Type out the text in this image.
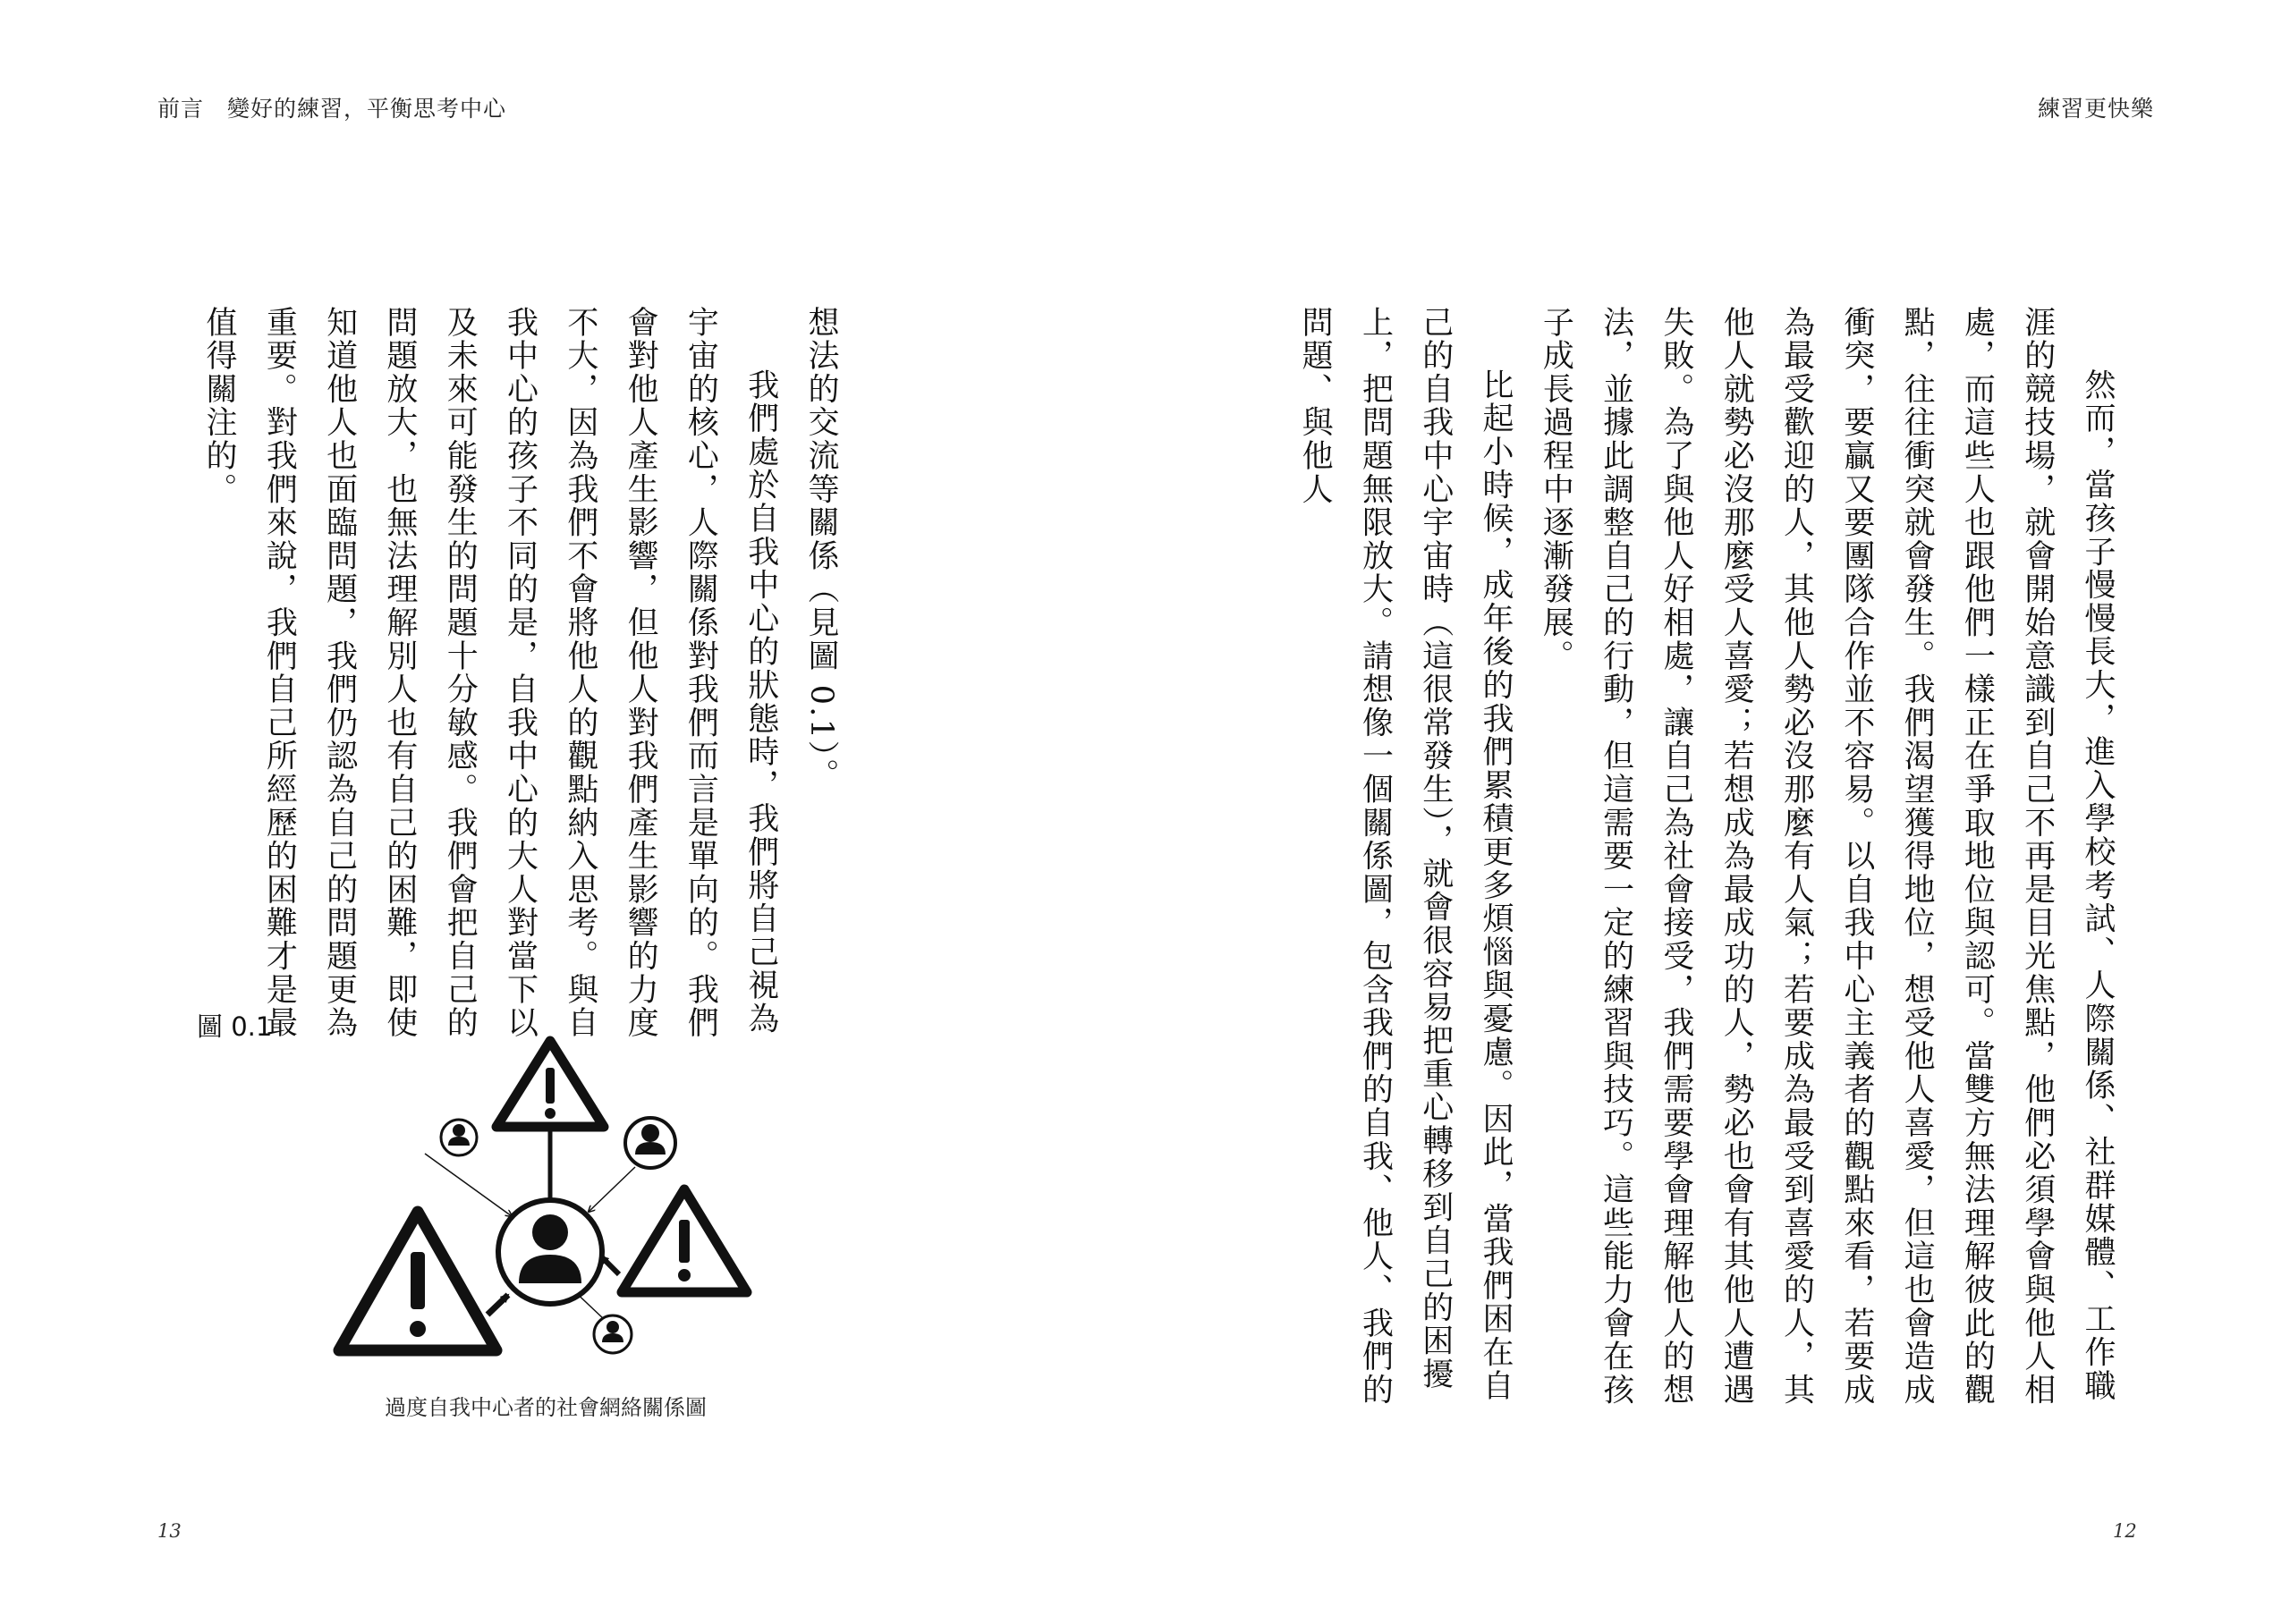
前言　變好的練習，平衡思考中心

想法的交流等關係（見圖 0.1）。

我們處於自我中心的狀態時，我們將自己視為宇宙的核心，人際關係對我們而言是單向的。我們會對他人產生影響，但他人對我們產生影響的力度不大，因為我們不會將他人的觀點納入思考。與自我中心的孩子不同的是，自我中心的大人對當下以及未來可能發生的問題十分敏感。我們會把自己的問題放大，也無法理解別人也有自己的困難，即使知道他人也面臨問題，我們仍認為自己的問題更為重要。對我們來說，我們自己所經歷的困難才是最值得關注的。

圖 0.1
過度自我中心者的社會網絡關係圖
13
練習更快樂

然而，當孩子慢慢長大，進入學校考試、人際關係、社群媒體、工作職涯的競技場，就會開始意識到自己不再是目光焦點，他們必須學會與他人相處，而這些人也跟他們一樣正在爭取地位與認可。當雙方無法理解彼此的觀點，往往衝突就會發生。我們渴望獲得地位，想受他人喜愛，但這也會造成衝突，要贏又要團隊合作並不容易。以自我中心主義者的觀點來看，若要成為最受歡迎的人，其他人勢必沒那麼有人氣；若要成為最受到喜愛的人，其他人就勢必沒那麼受人喜愛；若想成為最成功的人，勢必也會有其他人遭遇失敗。為了與他人好相處，讓自己為社會接受，我們需要學會理解他人的想法，並據此調整自己的行動，但這需要一定的練習與技巧。這些能力會在孩子成長過程中逐漸發展。

比起小時候，成年後的我們累積更多煩惱與憂慮。因此，當我們困在自己的自我中心宇宙時（這很常發生），就會很容易把重心轉移到自己的困擾上，把問題無限放大。請想像一個關係圖，包含我們的自我、他人、我們的問題、與他人

12
